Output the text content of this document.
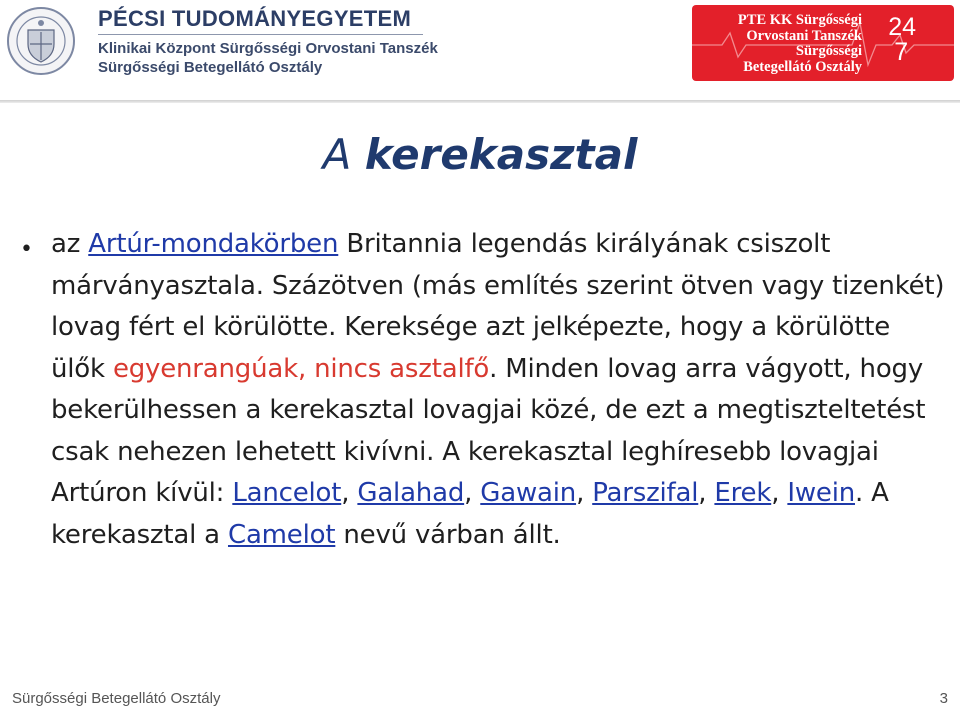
PÉCSI TUDOMÁNYEGYETEM
Klinikai Központ Sürgősségi Orvostani Tanszék
Sürgősségi Betegellátó Osztály
PTE KK Sürgősségi
Orvostani Tanszék
Sürgősségi
Betegellátó Osztály
24
7
A kerekasztal
• az Artúr-mondakörben Britannia legendás királyának csiszolt márványasztala. Százötven (más említés szerint ötven vagy tizenkét) lovag fért el körülötte. Kereksége azt jelképezte, hogy a körülötte ülők egyenrangúak, nincs asztalfő. Minden lovag arra vágyott, hogy bekerülhessen a kerekasztal lovagjai közé, de ezt a megtiszteltetést csak nehezen lehetett kivívni. A kerekasztal leghíresebb lovagjai Artúron kívül: Lancelot, Galahad, Gawain, Parszifal, Erek, Iwein. A kerekasztal a Camelot nevű várban állt.

Sürgősségi Betegellátó Osztály	3
